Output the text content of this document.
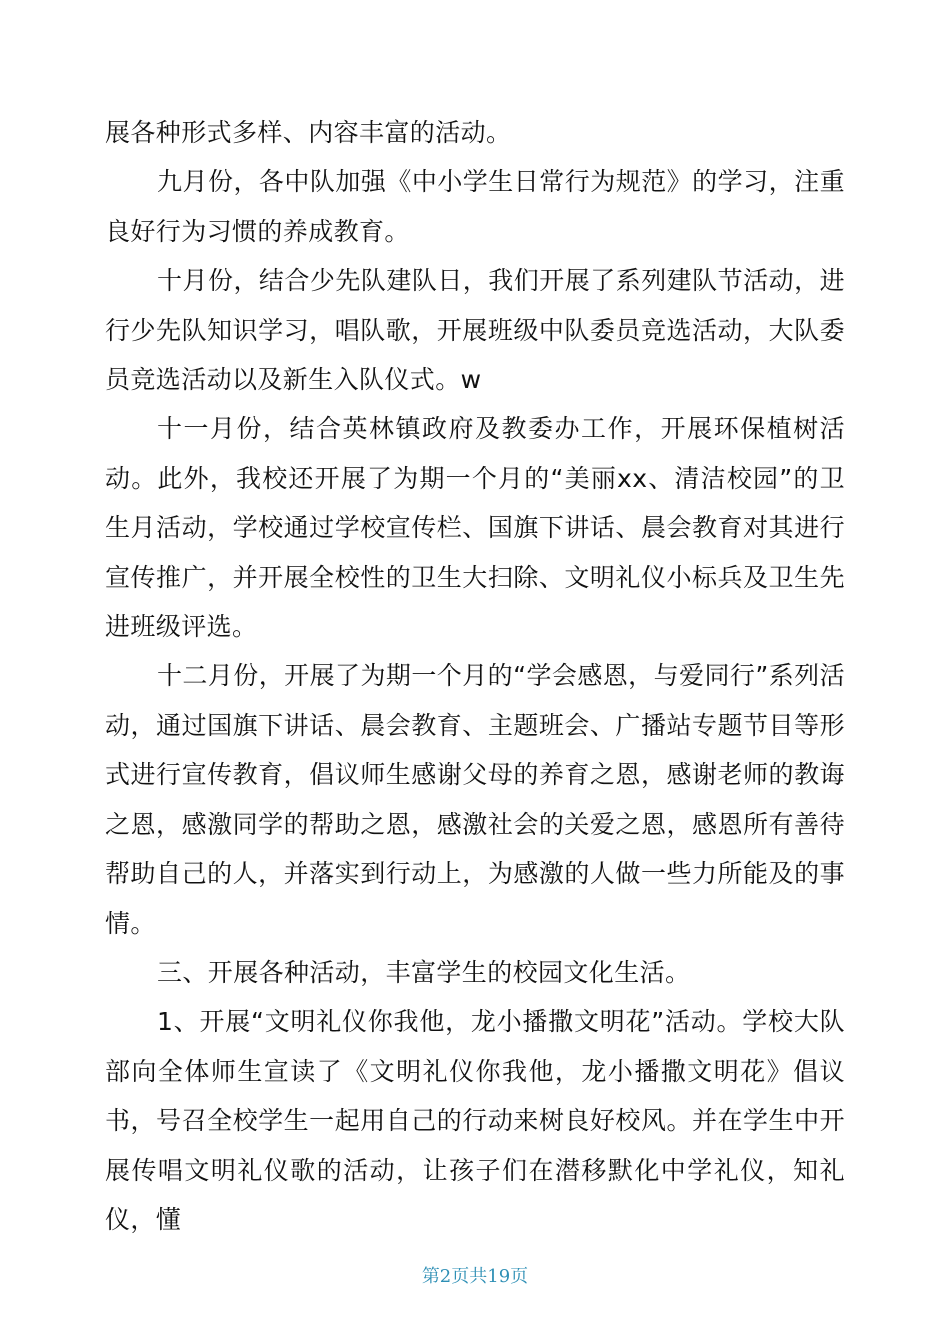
展各种形式多样、内容丰富的活动。

九月份，各中队加强《中小学生日常行为规范》的学习，注重良好行为习惯的养成教育。

十月份，结合少先队建队日，我们开展了系列建队节活动，进行少先队知识学习，唱队歌，开展班级中队委员竞选活动，大队委员竞选活动以及新生入队仪式。w

十一月份，结合英林镇政府及教委办工作，开展环保植树活动。此外，我校还开展了为期一个月的“美丽xx、清洁校园”的卫生月活动，学校通过学校宣传栏、国旗下讲话、晨会教育对其进行宣传推广，并开展全校性的卫生大扫除、文明礼仪小标兵及卫生先进班级评选。

十二月份，开展了为期一个月的“学会感恩，与爱同行”系列活动，通过国旗下讲话、晨会教育、主题班会、广播站专题节目等形式进行宣传教育，倡议师生感谢父母的养育之恩，感谢老师的教诲之恩，感激同学的帮助之恩，感激社会的关爱之恩，感恩所有善待帮助自己的人，并落实到行动上，为感激的人做一些力所能及的事情。

三、开展各种活动，丰富学生的校园文化生活。

1、开展“文明礼仪你我他，龙小播撒文明花”活动。学校大队部向全体师生宣读了《文明礼仪你我他，龙小播撒文明花》倡议书，号召全校学生一起用自己的行动来树良好校风。并在学生中开展传唱文明礼仪歌的活动，让孩子们在潜移默化中学礼仪，知礼仪，懂

第2页共19页
